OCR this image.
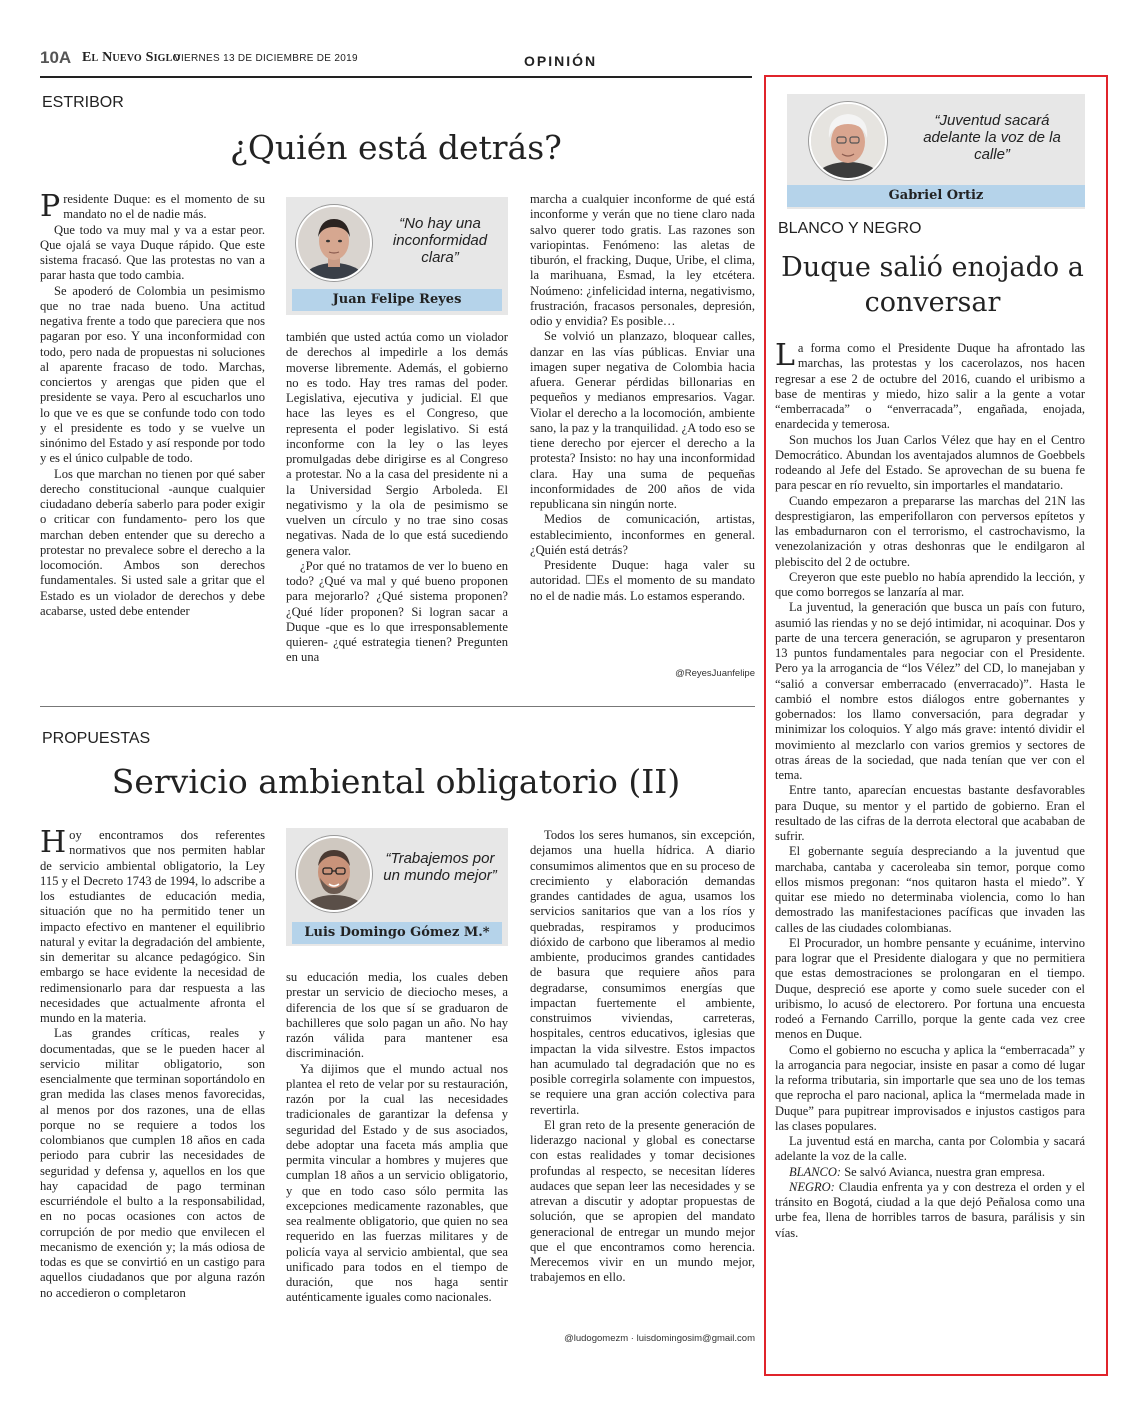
10A El Nuevo Siglo
VIERNES 13 DE DICIEMBRE DE 2019	OPINIÓN
ESTRIBOR
¿Quién está detrás?

Presidente Duque: es el momento de su mandato no el de nadie más.

Que todo va muy mal y va a estar peor. Que ojalá se vaya Duque rápido. Que este sistema fracasó. Que las protestas no van a parar hasta que todo cambia.

Se apoderó de Colombia un pesimismo que no trae nada bueno. Una actitud negativa frente a todo que pareciera que nos pagaran por eso. Y una inconformidad con todo, pero nada de propuestas ni soluciones al aparente fracaso de todo. Marchas, conciertos y arengas que piden que el presidente se vaya. Pero al escucharlos uno lo que ve es que se confunde todo con todo y el presidente es todo y se vuelve un sinónimo del Estado y así responde por todo y es el único culpable de todo.

Los que marchan no tienen por qué saber derecho constitucional -aunque cualquier ciudadano debería saberlo para poder exigir o criticar con fundamento- pero los que marchan deben entender que su derecho a protestar no prevalece sobre el derecho a la locomoción. Ambos son derechos fundamentales. Si usted sale a gritar que el Estado es un violador de derechos y debe acabarse, usted debe entender

“No hay una inconformidad clara”
Juan Felipe Reyes

también que usted actúa como un violador de derechos al impedirle a los demás moverse libremente. Además, el gobierno no es todo. Hay tres ramas del poder. Legislativa, ejecutiva y judicial. El que hace las leyes es el Congreso, que representa el poder legislativo. Si está inconforme con la ley o las leyes promulgadas debe dirigirse es al Congreso a protestar. No a la casa del presidente ni a la Universidad Sergio Arboleda. El negativismo y la ola de pesimismo se vuelven un círculo y no trae sino cosas negativas. Nada de lo que está sucediendo genera valor.

¿Por qué no tratamos de ver lo bueno en todo? ¿Qué va mal y qué bueno proponen para mejorarlo? ¿Qué sistema proponen? ¿Qué líder proponen? Si logran sacar a Duque -que es lo que irresponsablemente quieren- ¿qué estrategia tienen? Pregunten en una

marcha a cualquier inconforme de qué está inconforme y verán que no tiene claro nada salvo querer todo gratis. Las razones son variopintas. Fenómeno: las aletas de tiburón, el fracking, Duque, Uribe, el clima, la marihuana, Esmad, la ley etcétera. Noúmeno: ¿infelicidad interna, negativismo, frustración, fracasos personales, depresión, odio y envidia? Es posible…

Se volvió un planzazo, bloquear calles, danzar en las vías públicas. Enviar una imagen super negativa de Colombia hacia afuera. Generar pérdidas billonarias en pequeños y medianos empresarios. Vagar. Violar el derecho a la locomoción, ambiente sano, la paz y la tranquilidad. ¿A todo eso se tiene derecho por ejercer el derecho a la protesta? Insisto: no hay una inconformidad clara. Hay una suma de pequeñas inconformidades de 200 años de vida republicana sin ningún norte.

Medios de comunicación, artistas, establecimiento, inconformes en general. ¿Quién está detrás?

Presidente Duque: haga valer su autoridad. ☐Es el momento de su mandato no el de nadie más. Lo estamos esperando.

@ReyesJuanfelipe
PROPUESTAS
Servicio ambiental obligatorio (II)

Hoy encontramos dos referentes normativos que nos permiten hablar de servicio ambiental obligatorio, la Ley 115 y el Decreto 1743 de 1994, lo adscribe a los estudiantes de educación media, situación que no ha permitido tener un impacto efectivo en mantener el equilibrio natural y evitar la degradación del ambiente, sin demeritar su alcance pedagógico. Sin embargo se hace evidente la necesidad de redimensionarlo para dar respuesta a las necesidades que actualmente afronta el mundo en la materia.

Las grandes críticas, reales y documentadas, que se le pueden hacer al servicio militar obligatorio, son esencialmente que terminan soportándolo en gran medida las clases menos favorecidas, al menos por dos razones, una de ellas porque no se requiere a todos los colombianos que cumplen 18 años en cada periodo para cubrir las necesidades de seguridad y defensa y, aquellos en los que hay capacidad de pago terminan escurriéndole el bulto a la responsabilidad, en no pocas ocasiones con actos de corrupción de por medio que envilecen el mecanismo de exención y; la más odiosa de todas es que se convirtió en un castigo para aquellos ciudadanos que por alguna razón no accedieron o completaron

“Trabajemos por un mundo mejor”
Luis Domingo Gómez M.*

su educación media, los cuales deben prestar un servicio de dieciocho meses, a diferencia de los que sí se graduaron de bachilleres que solo pagan un año. No hay razón válida para mantener esa discriminación.

Ya dijimos que el mundo actual nos plantea el reto de velar por su restauración, razón por la cual las necesidades tradicionales de garantizar la defensa y seguridad del Estado y de sus asociados, debe adoptar una faceta más amplia que permita vincular a hombres y mujeres que cumplan 18 años a un servicio obligatorio, y que en todo caso sólo permita las excepciones medicamente razonables, que sea realmente obligatorio, que quien no sea requerido en las fuerzas militares y de policía vaya al servicio ambiental, que sea unificado para todos en el tiempo de duración, que nos haga sentir auténticamente iguales como nacionales.

Todos los seres humanos, sin excepción, dejamos una huella hídrica. A diario consumimos alimentos que en su proceso de crecimiento y elaboración demandas grandes cantidades de agua, usamos los servicios sanitarios que van a los ríos y quebradas, respiramos y producimos dióxido de carbono que liberamos al medio ambiente, producimos grandes cantidades de basura que requiere años para degradarse, consumimos energías que impactan fuertemente el ambiente, construimos viviendas, carreteras, hospitales, centros educativos, iglesias que impactan la vida silvestre. Estos impactos han acumulado tal degradación que no es posible corregirla solamente con impuestos, se requiere una gran acción colectiva para revertirla.

El gran reto de la presente generación de liderazgo nacional y global es conectarse con estas realidades y tomar decisiones profundas al respecto, se necesitan líderes audaces que sepan leer las necesidades y se atrevan a discutir y adoptar propuestas de solución, que se apropien del mandato generacional de entregar un mundo mejor que el que encontramos como herencia. Merecemos vivir en un mundo mejor, trabajemos en ello.

@ludogomezm · luisdomingosim@gmail.com
“Juventud sacará adelante la voz de la calle”
Gabriel Ortiz
BLANCO Y NEGRO
Duque salió enojado a conversar

La forma como el Presidente Duque ha afrontado las marchas, las protestas y los cacerolazos, nos hacen regresar a ese 2 de octubre del 2016, cuando el uribismo a base de mentiras y miedo, hizo salir a la gente a votar “emberracada” o “enverracada”, engañada, enojada, enardecida y temerosa.

Son muchos los Juan Carlos Vélez que hay en el Centro Democrático. Abundan los aventajados alumnos de Goebbels rodeando al Jefe del Estado. Se aprovechan de su buena fe para pescar en río revuelto, sin importarles el mandatario.

Cuando empezaron a prepararse las marchas del 21N las desprestigiaron, las emperifollaron con perversos epítetos y las embadurnaron con el terrorismo, el castrochavismo, la venezolanización y otras deshonras que le endilgaron al plebiscito del 2 de octubre.

Creyeron que este pueblo no había aprendido la lección, y que como borregos se lanzaría al mar.

La juventud, la generación que busca un país con futuro, asumió las riendas y no se dejó intimidar, ni acoquinar. Dos y parte de una tercera generación, se agruparon y presentaron 13 puntos fundamentales para negociar con el Presidente. Pero ya la arrogancia de “los Vélez” del CD, lo manejaban y “salió a conversar emberracado (enverracado)”. Hasta le cambió el nombre estos diálogos entre gobernantes y gobernados: los llamo conversación, para degradar y minimizar los coloquios. Y algo más grave: intentó dividir el movimiento al mezclarlo con varios gremios y sectores de otras áreas de la sociedad, que nada tenían que ver con el tema.

Entre tanto, aparecían encuestas bastante desfavorables para Duque, su mentor y el partido de gobierno. Eran el resultado de las cifras de la derrota electoral que acababan de sufrir.

El gobernante seguía despreciando a la juventud que marchaba, cantaba y caceroleaba sin temor, porque como ellos mismos pregonan: “nos quitaron hasta el miedo”. Y quitar ese miedo no determinaba violencia, como lo han demostrado las manifestaciones pacíficas que invaden las calles de las ciudades colombianas.

El Procurador, un hombre pensante y ecuánime, intervino para lograr que el Presidente dialogara y que no permitiera que estas demostraciones se prolongaran en el tiempo. Duque, despreció ese aporte y como suele suceder con el uribismo, lo acusó de electorero. Por fortuna una encuesta rodeó a Fernando Carrillo, porque la gente cada vez cree menos en Duque.

Como el gobierno no escucha y aplica la “emberracada” y la arrogancia para negociar, insiste en pasar a como dé lugar la reforma tributaria, sin importarle que sea uno de los temas que reprocha el paro nacional, aplica la “mermelada made in Duque” para pupitrear improvisados e injustos castigos para las clases populares.

La juventud está en marcha, canta por Colombia y sacará adelante la voz de la calle.

BLANCO: Se salvó Avianca, nuestra gran empresa.

NEGRO: Claudia enfrenta ya y con destreza el orden y el tránsito en Bogotá, ciudad a la que dejó Peñalosa como una urbe fea, llena de horribles tarros de basura, parálisis y sin vías.
